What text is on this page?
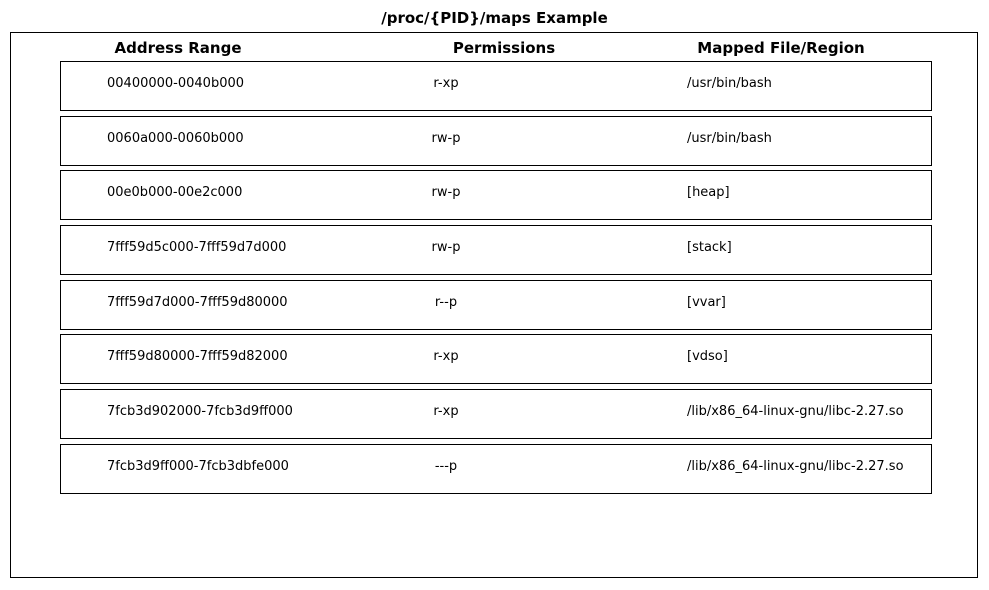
/proc/{PID}/maps Example
Address Range	Permissions	Mapped File/Region
00400000-0040b000	r-xp	/usr/bin/bash
0060a000-0060b000	rw-p	/usr/bin/bash
00e0b000-00e2c000	rw-p	[heap]
7fff59d5c000-7fff59d7d000	rw-p	[stack]
7fff59d7d000-7fff59d80000	r--p	[vvar]
7fff59d80000-7fff59d82000	r-xp	[vdso]
7fcb3d902000-7fcb3d9ff000	r-xp	/lib/x86_64-linux-gnu/libc-2.27.so
7fcb3d9ff000-7fcb3dbfe000	---p	/lib/x86_64-linux-gnu/libc-2.27.so
